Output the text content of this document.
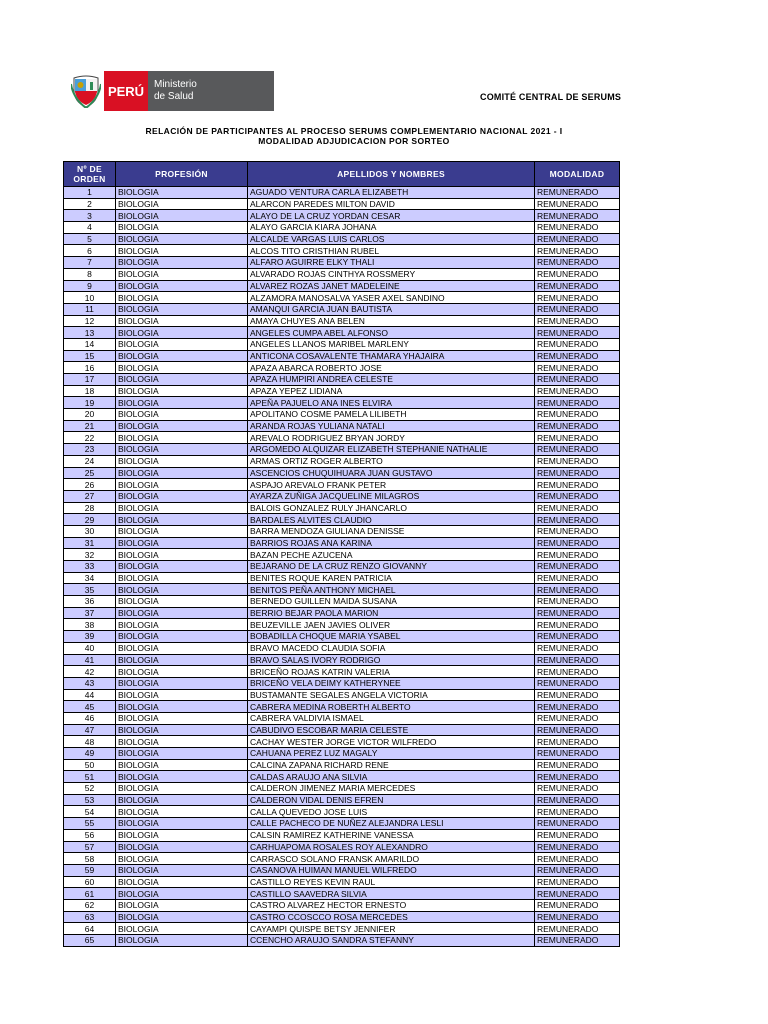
PERÚ Ministerio
de Salud	COMITÉ CENTRAL DE SERUMS
RELACIÓN DE PARTICIPANTES AL PROCESO SERUMS COMPLEMENTARIO NACIONAL 2021 - I
MODALIDAD ADJUDICACION POR SORTEO
Nº DE ORDEN	PROFESIÓN	APELLIDOS Y NOMBRES	MODALIDAD
1	BIOLOGIA	AGUADO VENTURA CARLA ELIZABETH	REMUNERADO
2	BIOLOGIA	ALARCON PAREDES MILTON DAVID	REMUNERADO
3	BIOLOGIA	ALAYO DE LA CRUZ YORDAN CESAR	REMUNERADO
4	BIOLOGIA	ALAYO GARCIA KIARA JOHANA	REMUNERADO
5	BIOLOGIA	ALCALDE VARGAS LUIS CARLOS	REMUNERADO
6	BIOLOGIA	ALCOS TITO CRISTHIAN RUBEL	REMUNERADO
7	BIOLOGIA	ALFARO AGUIRRE ELKY THALI	REMUNERADO
8	BIOLOGIA	ALVARADO ROJAS CINTHYA ROSSMERY	REMUNERADO
9	BIOLOGIA	ALVAREZ ROZAS JANET MADELEINE	REMUNERADO
10	BIOLOGIA	ALZAMORA MANOSALVA YASER AXEL SANDINO	REMUNERADO
11	BIOLOGIA	AMANQUI GARCIA JUAN BAUTISTA	REMUNERADO
12	BIOLOGIA	AMAYA CHUYES ANA BELEN	REMUNERADO
13	BIOLOGIA	ANGELES CUMPA ABEL ALFONSO	REMUNERADO
14	BIOLOGIA	ANGELES LLANOS MARIBEL MARLENY	REMUNERADO
15	BIOLOGIA	ANTICONA COSAVALENTE THAMARA YHAJAIRA	REMUNERADO
16	BIOLOGIA	APAZA ABARCA ROBERTO JOSE	REMUNERADO
17	BIOLOGIA	APAZA HUMPIRI ANDREA CELESTE	REMUNERADO
18	BIOLOGIA	APAZA YEPEZ LIDIANA	REMUNERADO
19	BIOLOGIA	APEÑA PAJUELO ANA INES ELVIRA	REMUNERADO
20	BIOLOGIA	APOLITANO COSME PAMELA LILIBETH	REMUNERADO
21	BIOLOGIA	ARANDA ROJAS YULIANA NATALI	REMUNERADO
22	BIOLOGIA	AREVALO RODRIGUEZ BRYAN JORDY	REMUNERADO
23	BIOLOGIA	ARGOMEDO ALQUIZAR ELIZABETH STEPHANIE NATHALIE	REMUNERADO
24	BIOLOGIA	ARMAS ORTIZ ROGER ALBERTO	REMUNERADO
25	BIOLOGIA	ASCENCIOS CHUQUIHUARA JUAN GUSTAVO	REMUNERADO
26	BIOLOGIA	ASPAJO AREVALO FRANK PETER	REMUNERADO
27	BIOLOGIA	AYARZA ZUÑIGA JACQUELINE MILAGROS	REMUNERADO
28	BIOLOGIA	BALOIS GONZALEZ RULY JHANCARLO	REMUNERADO
29	BIOLOGIA	BARDALES ALVITES CLAUDIO	REMUNERADO
30	BIOLOGIA	BARRA MENDOZA GIULIANA DENISSE	REMUNERADO
31	BIOLOGIA	BARRIOS ROJAS ANA KARINA	REMUNERADO
32	BIOLOGIA	BAZAN PECHE AZUCENA	REMUNERADO
33	BIOLOGIA	BEJARANO DE LA CRUZ RENZO GIOVANNY	REMUNERADO
34	BIOLOGIA	BENITES ROQUE KAREN PATRICIA	REMUNERADO
35	BIOLOGIA	BENITOS PEÑA ANTHONY MICHAEL	REMUNERADO
36	BIOLOGIA	BERNEDO GUILLEN MAIDA SUSANA	REMUNERADO
37	BIOLOGIA	BERRIO BEJAR PAOLA MARION	REMUNERADO
38	BIOLOGIA	BEUZEVILLE JAEN JAVIES OLIVER	REMUNERADO
39	BIOLOGIA	BOBADILLA CHOQUE MARIA YSABEL	REMUNERADO
40	BIOLOGIA	BRAVO MACEDO CLAUDIA SOFIA	REMUNERADO
41	BIOLOGIA	BRAVO SALAS IVORY RODRIGO	REMUNERADO
42	BIOLOGIA	BRICEÑO ROJAS KATRIN VALERIA	REMUNERADO
43	BIOLOGIA	BRICEÑO VELA DEIMY KATHERYNEE	REMUNERADO
44	BIOLOGIA	BUSTAMANTE SEGALES ANGELA VICTORIA	REMUNERADO
45	BIOLOGIA	CABRERA MEDINA ROBERTH ALBERTO	REMUNERADO
46	BIOLOGIA	CABRERA VALDIVIA ISMAEL	REMUNERADO
47	BIOLOGIA	CABUDIVO ESCOBAR MARIA CELESTE	REMUNERADO
48	BIOLOGIA	CACHAY WESTER JORGE VICTOR WILFREDO	REMUNERADO
49	BIOLOGIA	CAHUANA PEREZ LUZ MAGALY	REMUNERADO
50	BIOLOGIA	CALCINA ZAPANA RICHARD RENE	REMUNERADO
51	BIOLOGIA	CALDAS ARAUJO ANA SILVIA	REMUNERADO
52	BIOLOGIA	CALDERON JIMENEZ MARIA MERCEDES	REMUNERADO
53	BIOLOGIA	CALDERON VIDAL DENIS EFREN	REMUNERADO
54	BIOLOGIA	CALLA QUEVEDO JOSE LUIS	REMUNERADO
55	BIOLOGIA	CALLE PACHECO DE NUÑEZ ALEJANDRA LESLI	REMUNERADO
56	BIOLOGIA	CALSIN RAMIREZ KATHERINE VANESSA	REMUNERADO
57	BIOLOGIA	CARHUAPOMA ROSALES ROY ALEXANDRO	REMUNERADO
58	BIOLOGIA	CARRASCO SOLANO FRANSK AMARILDO	REMUNERADO
59	BIOLOGIA	CASANOVA HUIMAN MANUEL WILFREDO	REMUNERADO
60	BIOLOGIA	CASTILLO REYES KEVIN RAUL	REMUNERADO
61	BIOLOGIA	CASTILLO SAAVEDRA SILVIA	REMUNERADO
62	BIOLOGIA	CASTRO ALVAREZ HECTOR ERNESTO	REMUNERADO
63	BIOLOGIA	CASTRO CCOSCCO ROSA MERCEDES	REMUNERADO
64	BIOLOGIA	CAYAMPI QUISPE BETSY JENNIFER	REMUNERADO
65	BIOLOGIA	CCENCHO ARAUJO SANDRA STEFANNY	REMUNERADO
